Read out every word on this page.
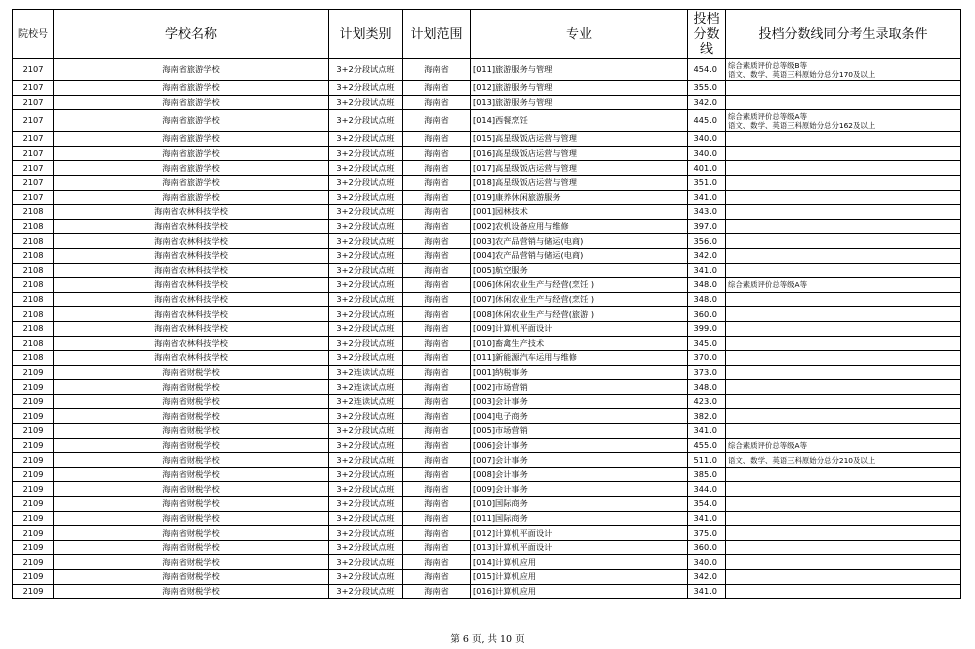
院校号	学校名称	计划类别	计划范围	专业	投档分数线	投档分数线同分考生录取条件
2107	海南省旅游学校	3+2分段试点班	海南省	[011]旅游服务与管理	454.0	综合素质评价总等级B等
语文、数学、英语三科原始分总分170及以上
2107	海南省旅游学校	3+2分段试点班	海南省	[012]旅游服务与管理	355.0	
2107	海南省旅游学校	3+2分段试点班	海南省	[013]旅游服务与管理	342.0	
2107	海南省旅游学校	3+2分段试点班	海南省	[014]西餐烹饪	445.0	综合素质评价总等级A等
语文、数学、英语三科原始分总分162及以上
2107	海南省旅游学校	3+2分段试点班	海南省	[015]高星级饭店运营与管理	340.0	
2107	海南省旅游学校	3+2分段试点班	海南省	[016]高星级饭店运营与管理	340.0	
2107	海南省旅游学校	3+2分段试点班	海南省	[017]高星级饭店运营与管理	401.0	
2107	海南省旅游学校	3+2分段试点班	海南省	[018]高星级饭店运营与管理	351.0	
2107	海南省旅游学校	3+2分段试点班	海南省	[019]康养休闲旅游服务	341.0	
2108	海南省农林科技学校	3+2分段试点班	海南省	[001]园林技术	343.0	
2108	海南省农林科技学校	3+2分段试点班	海南省	[002]农机设备应用与维修	397.0	
2108	海南省农林科技学校	3+2分段试点班	海南省	[003]农产品营销与储运(电商)	356.0	
2108	海南省农林科技学校	3+2分段试点班	海南省	[004]农产品营销与储运(电商)	342.0	
2108	海南省农林科技学校	3+2分段试点班	海南省	[005]航空服务	341.0	
2108	海南省农林科技学校	3+2分段试点班	海南省	[006]休闲农业生产与经营(烹饪 )	348.0	综合素质评价总等级A等
2108	海南省农林科技学校	3+2分段试点班	海南省	[007]休闲农业生产与经营(烹饪 )	348.0	
2108	海南省农林科技学校	3+2分段试点班	海南省	[008]休闲农业生产与经营(旅游 )	360.0	
2108	海南省农林科技学校	3+2分段试点班	海南省	[009]计算机平面设计	399.0	
2108	海南省农林科技学校	3+2分段试点班	海南省	[010]畜禽生产技术	345.0	
2108	海南省农林科技学校	3+2分段试点班	海南省	[011]新能源汽车运用与维修	370.0	
2109	海南省财税学校	3+2连读试点班	海南省	[001]纳税事务	373.0	
2109	海南省财税学校	3+2连读试点班	海南省	[002]市场营销	348.0	
2109	海南省财税学校	3+2连读试点班	海南省	[003]会计事务	423.0	
2109	海南省财税学校	3+2分段试点班	海南省	[004]电子商务	382.0	
2109	海南省财税学校	3+2分段试点班	海南省	[005]市场营销	341.0	
2109	海南省财税学校	3+2分段试点班	海南省	[006]会计事务	455.0	综合素质评价总等级A等
2109	海南省财税学校	3+2分段试点班	海南省	[007]会计事务	511.0	语文、数学、英语三科原始分总分210及以上
2109	海南省财税学校	3+2分段试点班	海南省	[008]会计事务	385.0	
2109	海南省财税学校	3+2分段试点班	海南省	[009]会计事务	344.0	
2109	海南省财税学校	3+2分段试点班	海南省	[010]国际商务	354.0	
2109	海南省财税学校	3+2分段试点班	海南省	[011]国际商务	341.0	
2109	海南省财税学校	3+2分段试点班	海南省	[012]计算机平面设计	375.0	
2109	海南省财税学校	3+2分段试点班	海南省	[013]计算机平面设计	360.0	
2109	海南省财税学校	3+2分段试点班	海南省	[014]计算机应用	340.0	
2109	海南省财税学校	3+2分段试点班	海南省	[015]计算机应用	342.0	
2109	海南省财税学校	3+2分段试点班	海南省	[016]计算机应用	341.0	
第 6 页, 共 10 页
